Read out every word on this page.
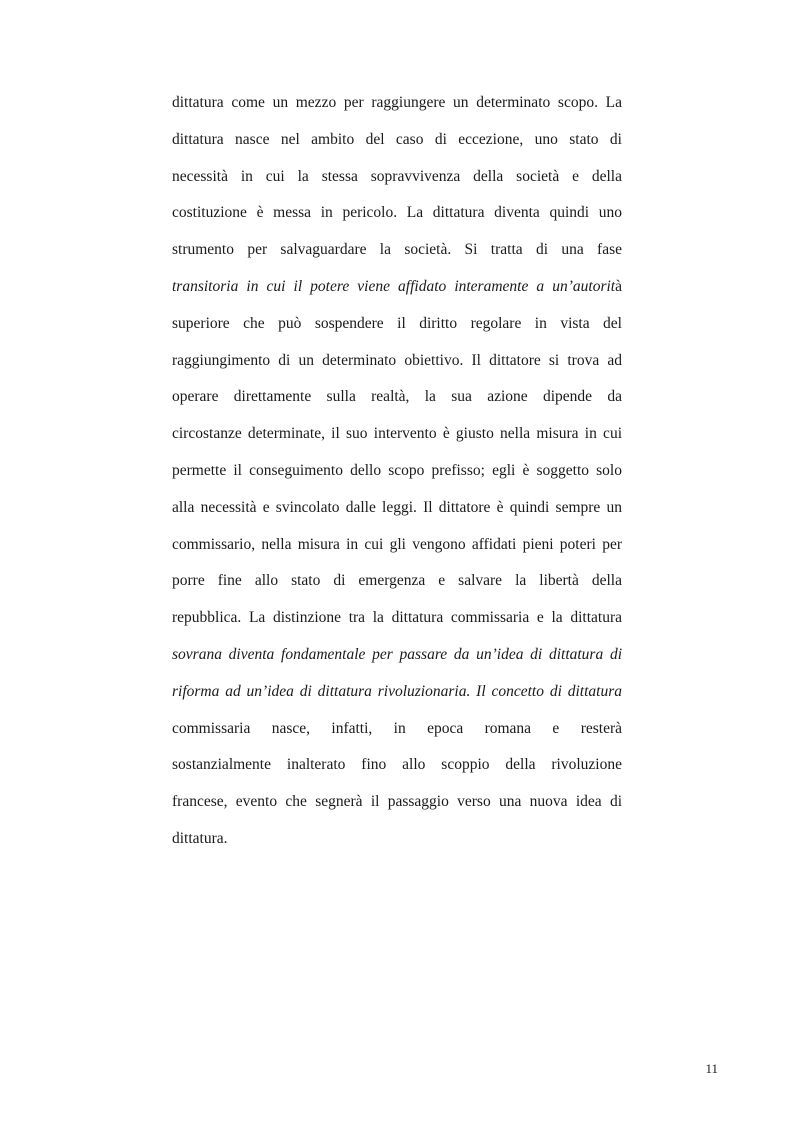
dittatura come un mezzo per raggiungere un determinato scopo. La
dittatura nasce nel ambito del caso di eccezione, uno stato di
necessità in cui la stessa sopravvivenza della società e della
costituzione è messa in pericolo. La dittatura diventa quindi uno
strumento per salvaguardare la società. Si tratta di una fase
transitoria in cui il potere viene affidato interamente a un’autorità
superiore che può sospendere il diritto regolare in vista del
raggiungimento di un determinato obiettivo. Il dittatore si trova ad
operare direttamente sulla realtà, la sua azione dipende da
circostanze determinate, il suo intervento è giusto nella misura in cui
permette il conseguimento dello scopo prefisso; egli è soggetto solo
alla necessità e svincolato dalle leggi. Il dittatore è quindi sempre un
commissario, nella misura in cui gli vengono affidati pieni poteri per
porre fine allo stato di emergenza e salvare la libertà della
repubblica. La distinzione tra la dittatura commissaria e la dittatura
sovrana diventa fondamentale per passare da un’idea di dittatura di
riforma ad un’idea di dittatura rivoluzionaria. Il concetto di dittatura
commissaria nasce, infatti, in epoca romana e resterà
sostanzialmente inalterato fino allo scoppio della rivoluzione
francese, evento che segnerà il passaggio verso una nuova idea di
dittatura.
11
